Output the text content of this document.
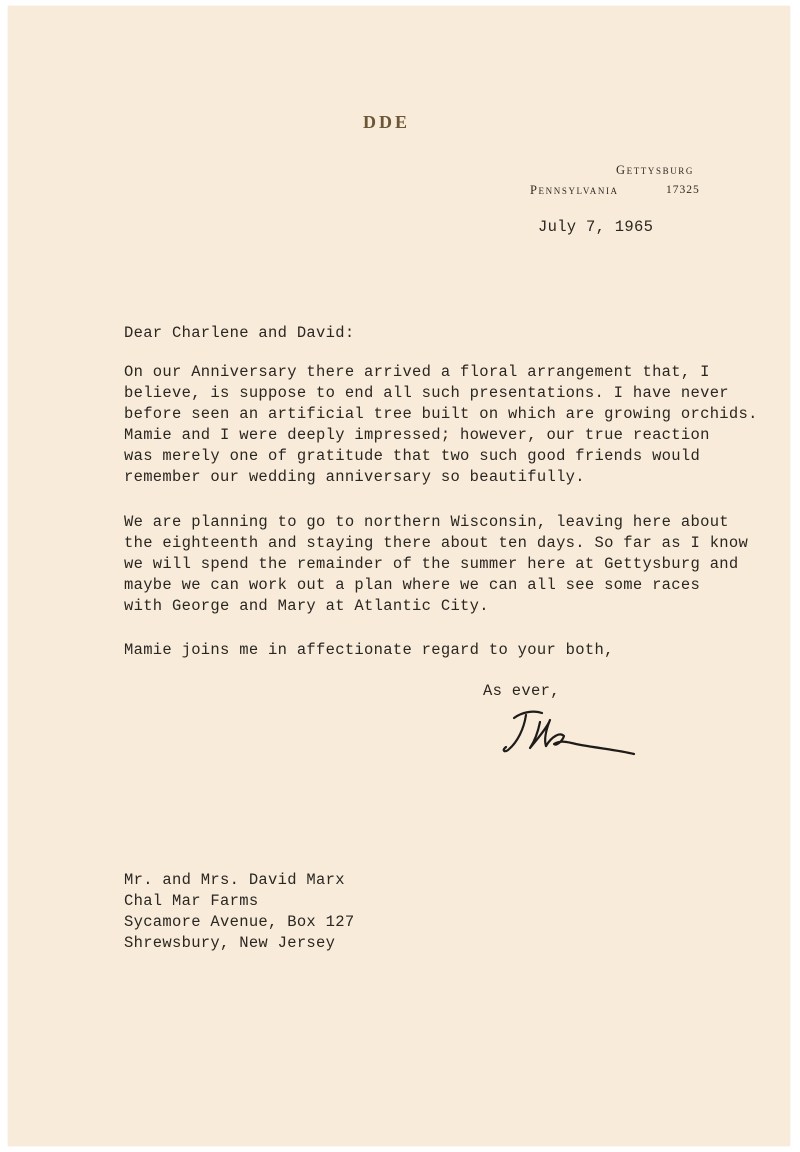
DDE
Gettysburg
Pennsylvania	17325
July 7, 1965
Dear Charlene and David:
On our Anniversary there arrived a floral arrangement that, I
believe, is suppose to end all such presentations. I have never
before seen an artificial tree built on which are growing orchids.
Mamie and I were deeply impressed; however, our true reaction
was merely one of gratitude that two such good friends would
remember our wedding anniversary so beautifully.
We are planning to go to northern Wisconsin, leaving here about
the eighteenth and staying there about ten days. So far as I know
we will spend the remainder of the summer here at Gettysburg and
maybe we can work out a plan where we can all see some races
with George and Mary at Atlantic City.
Mamie joins me in affectionate regard to your both,
As ever,
Mr. and Mrs. David Marx
Chal Mar Farms
Sycamore Avenue, Box 127
Shrewsbury, New Jersey
